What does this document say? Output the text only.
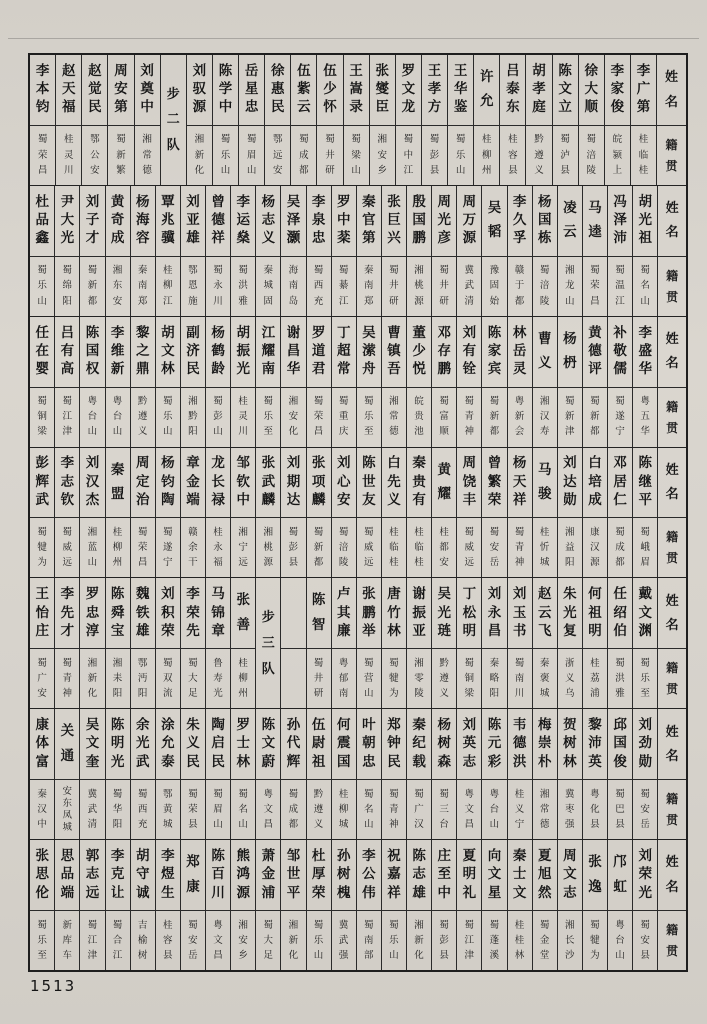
姓
名
籍
贯
李
广
第
桂
临
桂
李
家
俊
皖
颍
上
徐
大
顺
蜀
涪
陵
陈
文
立
蜀
泸
县
胡
孝
庭
黔
遵
义
吕
泰
东
桂
容
县
许
允
桂
柳
州
王
华
鉴
蜀
乐
山
王
孝
方
蜀
彭
县
罗
文
龙
蜀
中
江
张
燮
臣
湘
安
乡
王
嵩
录
蜀
梁
山
伍
少
怀
蜀
井
研
伍
紫
云
蜀
成
都
徐
惠
民
鄂
远
安
岳
星
忠
蜀
眉
山
陈
学
中
蜀
乐
山
刘
驭
源
湘
新
化
步
二
队
刘
奠
中
湘
常
德
周
安
第
蜀
新
繁
赵
觉
民
鄂
公
安
赵
天
福
桂
灵
川
李
本
钧
蜀
荣
昌
姓
名
籍
贯
胡
光
祖
蜀
名
山
冯
泽
沛
蜀
温
江
马
逵
蜀
荣
昌
凌
云
湘
龙
山
杨
国
栋
蜀
涪
陵
李
久
孚
赣
于
都
吴
韬
豫
固
始
周
万
源
冀
武
清
周
光
彦
蜀
井
研
殷
国
鹏
湘
桃
源
张
巨
兴
蜀
井
研
秦
官
第
秦
南
郑
罗
中
棻
蜀
綦
江
李
泉
忠
蜀
西
充
吴
泽
灏
海
南
岛
杨
志
义
秦
城
固
李
运
燊
蜀
洪
雅
曾
德
祥
蜀
永
川
刘
亚
雄
鄂
恩
施
覃
兆
骥
桂
柳
江
杨
海
容
秦
南
郑
黄
奇
成
湘
东
安
刘
子
才
蜀
新
都
尹
大
光
蜀
绵
阳
杜
品
鑫
蜀
乐
山
姓
名
籍
贯
李
盛
华
粤
五
华
补
敬
儒
蜀
遂
宁
黄
德
评
蜀
新
都
杨
枬
蜀
新
津
曹
义
湘
汉
寿
林
岳
灵
粤
新
会
陈
家
宾
蜀
新
都
刘
有
铨
蜀
青
神
邓
存
鹏
蜀
富
顺
董
少
悦
皖
贵
池
曹
镇
吾
湘
常
德
吴
潆
舟
蜀
乐
至
丁
超
常
蜀
重
庆
罗
道
君
蜀
荣
昌
谢
昌
华
湘
安
化
江
耀
南
蜀
乐
至
胡
振
光
桂
灵
川
杨
鹤
龄
蜀
彭
山
副
济
民
湘
黔
阳
胡
文
林
蜀
乐
山
黎
之
鼎
黔
遵
义
李
维
新
粤
台
山
陈
国
权
粤
台
山
吕
有
高
蜀
江
津
任
在
婴
蜀
铜
梁
姓
名
籍
贯
陈
继
平
蜀
峨
眉
邓
居
仁
蜀
成
都
白
培
成
康
汉
源
刘
达
勋
湘
益
阳
马
骏
桂
忻
城
杨
天
祥
蜀
青
神
曾
繁
荣
蜀
安
岳
周
饶
丰
蜀
威
远
黄
耀
桂
都
安
秦
贵
有
桂
临
桂
白
先
义
桂
临
桂
陈
世
友
蜀
威
远
刘
心
安
蜀
涪
陵
张
项
麟
蜀
新
都
刘
期
达
蜀
彭
县
张
武
麟
湘
桃
源
邹
钦
中
湘
宁
远
龙
长
禄
桂
永
福
章
金
端
赣
余
干
杨
钧
陶
蜀
遂
宁
周
定
治
蜀
荣
昌
秦
盟
桂
柳
州
刘
汉
杰
湘
蓝
山
李
志
钦
蜀
威
远
彭
辉
武
蜀
犍
为
姓
名
籍
贯
戴
文
渊
蜀
乐
至
任
绍
伯
蜀
洪
雅
何
祖
明
桂
荔
浦
朱
光
复
浙
义
乌
赵
云
飞
秦
褒
城
刘
玉
书
蜀
南
川
刘
永
昌
秦
略
阳
丁
松
明
蜀
铜
梁
吴
光
琏
黔
遵
义
谢
振
亚
湘
零
陵
唐
竹
林
蜀
犍
为
张
鹏
举
蜀
营
山
卢
其
廉
粤
郁
南
陈
智
蜀
井
研
步
三
队
张
善
桂
柳
州
马
锦
章
鲁
寿
光
李
荣
先
蜀
大
足
刘
积
荣
蜀
双
流
魏
铁
雄
鄂
沔
阳
陈
舜
宝
湘
耒
阳
罗
忠
淳
湘
新
化
李
先
才
蜀
青
神
王
怡
庄
蜀
广
安
姓
名
籍
贯
刘
劲
勋
蜀
安
岳
邱
国
俊
蜀
巴
县
黎
沛
英
粤
化
县
贺
树
林
冀
枣
强
梅
崇
朴
湘
常
德
韦
德
洪
桂
义
宁
陈
元
彩
粤
台
山
刘
英
志
粤
文
昌
杨
树
森
蜀
三
台
秦
纪
载
蜀
广
汉
郑
钟
民
蜀
青
神
叶
朝
忠
蜀
名
山
何
震
国
桂
柳
城
伍
尉
祖
黔
遵
义
孙
代
辉
蜀
成
都
陈
文
蔚
粤
文
昌
罗
士
林
蜀
名
山
陶
启
民
蜀
眉
山
朱
义
民
蜀
荣
县
涂
允
泰
鄂
黄
城
余
光
武
蜀
西
充
陈
明
光
蜀
华
阳
吴
文
奎
冀
武
清
关
通
安
东
凤
城
康
体
富
秦
汉
中
姓
名
籍
贯
刘
荣
光
蜀
安
县
邝
虹
粤
台
山
张
逸
蜀
犍
为
周
文
志
湘
长
沙
夏
旭
然
蜀
金
堂
秦
士
文
桂
桂
林
向
文
星
蜀
蓬
溪
夏
明
礼
蜀
江
津
庄
至
中
蜀
彭
县
陈
志
雄
湘
新
化
祝
嘉
祥
蜀
乐
山
李
公
伟
蜀
南
部
孙
树
槐
冀
武
强
杜
厚
荣
蜀
乐
山
邹
世
平
湘
新
化
萧
金
浦
蜀
大
足
熊
鸿
源
湘
安
乡
陈
百
川
粤
文
昌
郑
康
蜀
安
岳
李
煜
生
桂
容
县
胡
守
诚
吉
榆
树
李
克
让
蜀
合
江
郭
志
远
蜀
江
津
思
品
端
新
库
车
张
思
伦
蜀
乐
至
1513
